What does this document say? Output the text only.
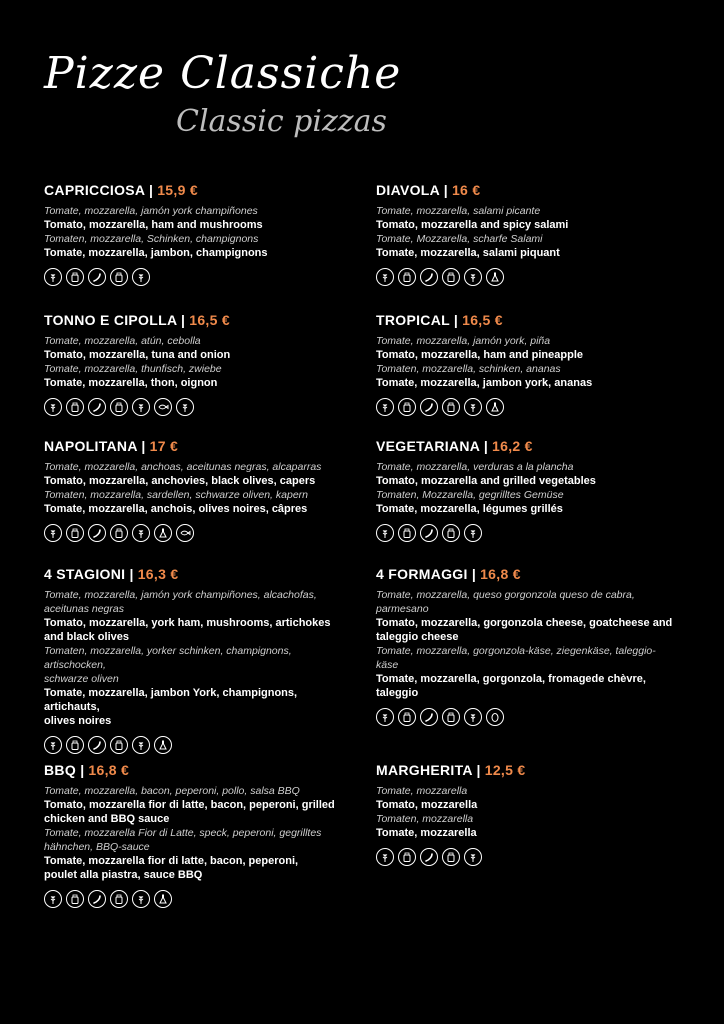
Pizze Classiche
Classic pizzas
CAPRICCIOSA | 15,9 €
Tomate, mozzarella, jamón york champiñones
Tomato, mozzarella, ham and mushrooms
Tomaten, mozzarella, Schinken, champignons
Tomate, mozzarella, jambon, champignons
DIAVOLA | 16 €
Tomate, mozzarella, salami picante
Tomato, mozzarella and spicy salami
Tomate, Mozzarella, scharfe Salami
Tomate, mozzarella, salami piquant
TONNO E CIPOLLA | 16,5 €
Tomate, mozzarella, atún, cebolla
Tomato, mozzarella, tuna and onion
Tomate, mozzarella, thunfisch, zwiebe
Tomate, mozzarella, thon, oignon
TROPICAL | 16,5 €
Tomate, mozzarella, jamón york, piña
Tomato, mozzarella, ham and pineapple
Tomaten, mozzarella, schinken, ananas
Tomate, mozzarella, jambon york, ananas
NAPOLITANA | 17 €
Tomate, mozzarella, anchoas, aceitunas negras, alcaparras
Tomato, mozzarella, anchovies, black olives, capers
Tomaten, mozzarella, sardellen, schwarze oliven, kapern
Tomate, mozzarella, anchois, olives noires, câpres
VEGETARIANA | 16,2 €
Tomate, mozzarella, verduras a la plancha
Tomato, mozzarella and grilled vegetables
Tomaten, Mozzarella, gegrilltes Gemüse
Tomate, mozzarella, légumes grillés
4 STAGIONI | 16,3 €
Tomate, mozzarella, jamón york champiñones, alcachofas,
aceitunas negras
Tomato, mozzarella, york ham, mushrooms, artichokes
and black olives
Tomaten, mozzarella, yorker schinken, champignons, artischocken,
schwarze oliven
Tomate, mozzarella, jambon York, champignons, artichauts,
olives noires
4 FORMAGGI | 16,8 €
Tomate, mozzarella, queso gorgonzola queso de cabra,
parmesano
Tomato, mozzarella, gorgonzola cheese, goatcheese and
taleggio cheese
Tomate, mozzarella, gorgonzola-käse, ziegenkäse, taleggio-
käse
Tomate, mozzarella, gorgonzola, fromagede chèvre,
taleggio
BBQ | 16,8 €
Tomate, mozzarella, bacon, peperoni, pollo, salsa BBQ
Tomato, mozzarella fior di latte, bacon, peperoni, grilled
chicken and BBQ sauce
Tomate, mozzarella Fior di Latte, speck, peperoni, gegrilltes
hähnchen, BBQ-sauce
Tomate, mozzarella fior di latte, bacon, peperoni,
poulet alla piastra, sauce BBQ
MARGHERITA | 12,5 €
Tomate, mozzarella
Tomato, mozzarella
Tomaten, mozzarella
Tomate, mozzarella
